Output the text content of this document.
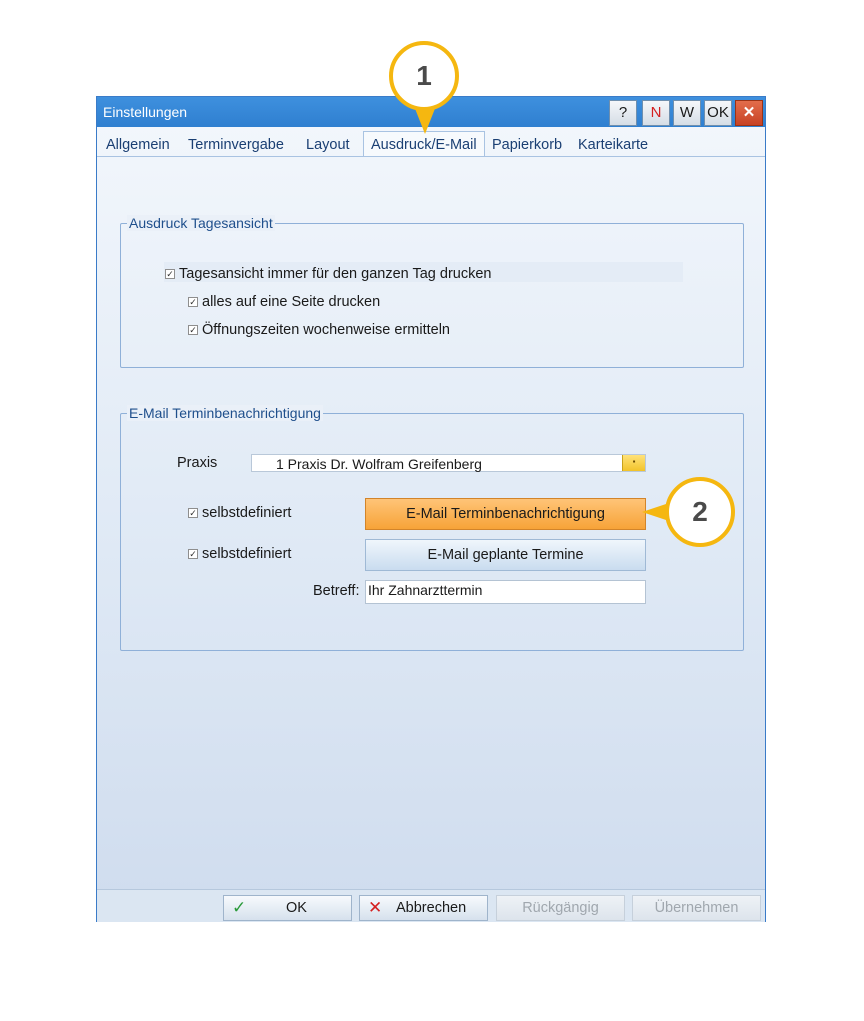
Einstellungen	?	N	W OK ✕
Allgemein Terminvergabe Layout	Ausdruck/E-Mail	Papierkorb Karteikarte
Ausdruck Tagesansicht
✓ Tagesansicht immer für den ganzen Tag drucken
✓ alles auf eine Seite drucken
✓ Öffnungszeiten wochenweise ermitteln
E-Mail Terminbenachrichtigung
Praxis	1 Praxis Dr. Wolfram Greifenberg	▪
✓ selbstdefiniert	E-Mail Terminbenachrichtigung
✓ selbstdefiniert	E-Mail geplante Termine
Betreff: Ihr Zahnarzttermin
✓	OK	✕ Abbrechen	Rückgängig	Übernehmen
1
2
